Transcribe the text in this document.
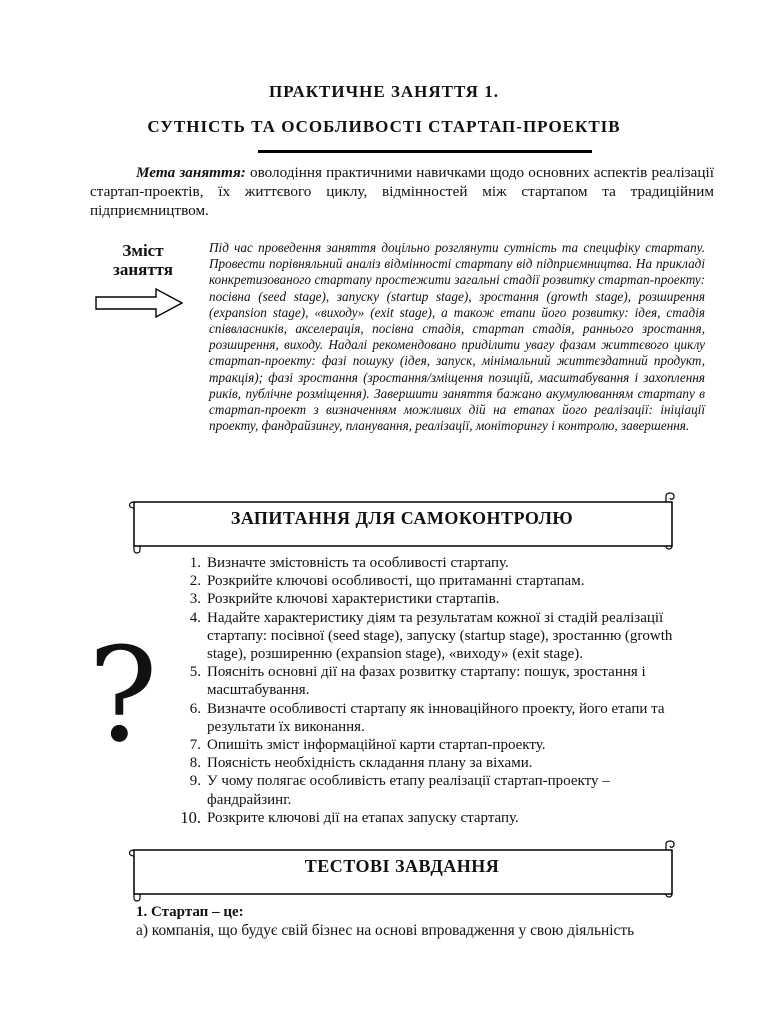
ПРАКТИЧНЕ ЗАНЯТТЯ 1.
СУТНІСТЬ ТА ОСОБЛИВОСТІ СТАРТАП-ПРОЕКТІВ
Мета заняття: оволодіння практичними навичками щодо основних аспектів реалізації стартап-проектів, їх життєвого циклу, відмінностей між стартапом та традиційним підприємництвом.
Зміст заняття
Під час проведення заняття доцільно розглянути сутність та специфіку стартапу. Провести порівняльний аналіз відмінності стартапу від підприємництва. На прикладі конкретизованого стартапу простежити загальні стадії розвитку стартап-проекту: посівна (seed stage), запуску (startup stage), зростання (growth stage), розширення (expansion stage), «виходу» (exit stage), а також етапи його розвитку: ідея, стадія співвласників, акселерація, посівна стадія, стартап стадія, раннього зростання, розширення, виходу. Надалі рекомендовано приділити увагу фазам життєвого циклу стартап-проекту: фазі пошуку (ідея, запуск, мінімальний життєздатний продукт, тракція); фазі зростання (зростання/зміщення позицій, масштабування і захоплення риків, публічне розміщення). Завершити заняття бажано акумулюванням стартапу в стартап-проект з визначенням можливих дій на етапах його реалізації: ініціації проекту, фандрайзингу, планування, реалізації, моніторингу і контролю, завершення.
ЗАПИТАННЯ ДЛЯ САМОКОНТРОЛЮ
?
1. Визначте змістовність та особливості стартапу.
2. Розкрийте ключові особливості, що притаманні стартапам.
3. Розкрийте ключові характеристики стартапів.
4. Надайте характеристику діям та результатам кожної зі стадій реалізації стартапу: посівної (seed stage), запуску (startup stage), зростанню (growth stage), розширенню (expansion stage), «виходу» (exit stage).
5. Поясніть основні дії на фазах розвитку стартапу: пошук, зростання і масштабування.
6. Визначте особливості стартапу як інноваційного проекту, його етапи та результати їх виконання.
7. Опишіть зміст інформаційної карти стартап-проекту.
8. Поясність необхідність складання плану за віхами.
9. У чому полягає особливість етапу реалізації стартап-проекту – фандрайзинг.
10. Розкрите ключові дії на етапах запуску стартапу.
ТЕСТОВІ ЗАВДАННЯ
1. Стартап – це:
а) компанія, що будує свій бізнес на основі впровадження у свою діяльність
